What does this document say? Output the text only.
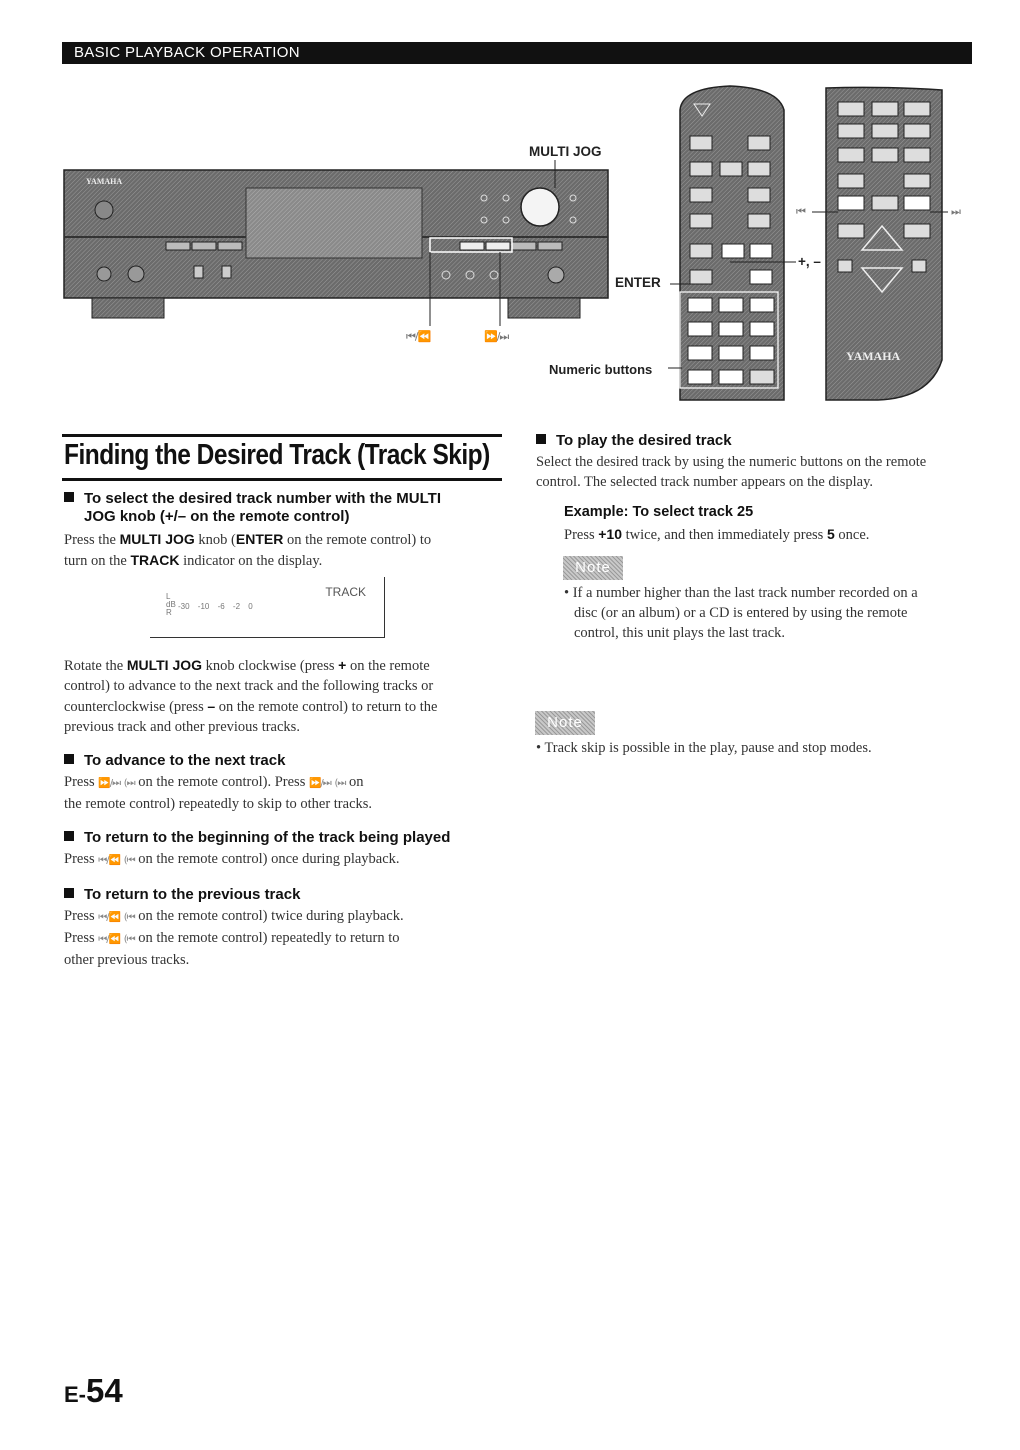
BASIC PLAYBACK OPERATION
YAMAHA
YAMAHA
MULTI JOG
ENTER
+, –
Numeric buttons
⏮/⏪	⏩/⏭
⏮	⏭
Finding the Desired Track (Track Skip)
To select the desired track number with the MULTI
JOG knob (+/– on the remote control)
Press the MULTI JOG knob (ENTER on the remote control) to
turn on the TRACK indicator on the display.
TRACK
L
dB
R
-30 -10 -6 -2 0
Rotate the MULTI JOG knob clockwise (press + on the remote
control) to advance to the next track and the following tracks or
counterclockwise (press – on the remote control) to return to the
previous track and other previous tracks.
To advance to the next track
Press ⏩/⏭ (⏭ on the remote control). Press ⏩/⏭ (⏭ on
the remote control) repeatedly to skip to other tracks.
To return to the beginning of the track being played
Press ⏮/⏪ (⏮ on the remote control) once during playback.
To return to the previous track
Press ⏮/⏪ (⏮ on the remote control) twice during playback.
Press ⏮/⏪ (⏮ on the remote control) repeatedly to return to
other previous tracks.
To play the desired track
Select the desired track by using the numeric buttons on the remote
control. The selected track number appears on the display.
Example: To select track 25
Press +10 twice, and then immediately press 5 once.
Note
• If a number higher than the last track number recorded on a
disc (or an album) or a CD is entered by using the remote
control, this unit plays the last track.
Note
• Track skip is possible in the play, pause and stop modes.
E-54
